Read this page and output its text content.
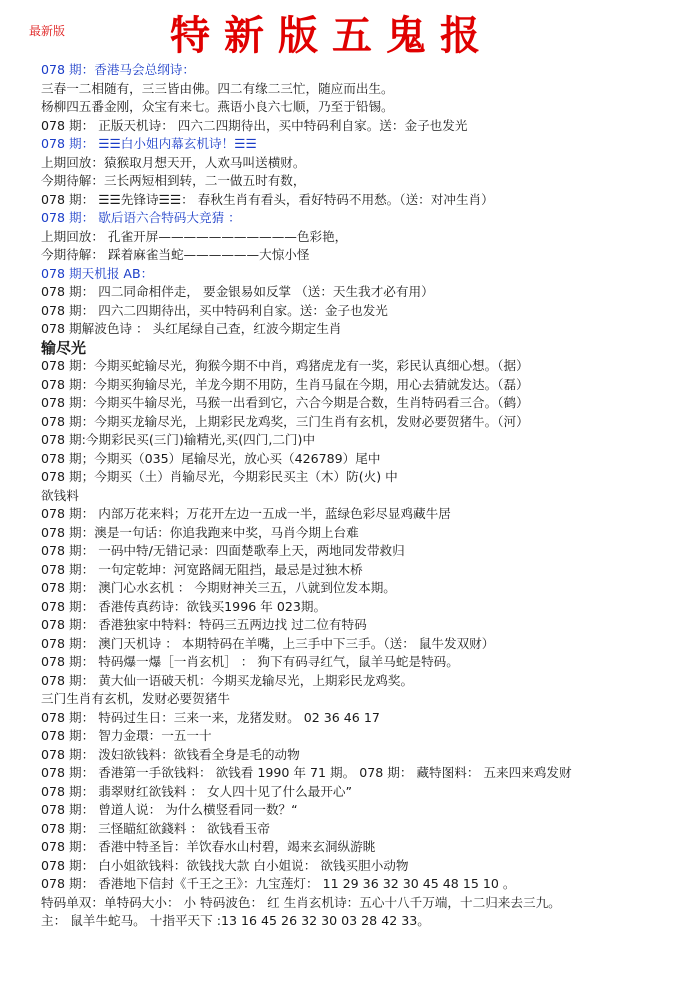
最新版	特新版五鬼报
078 期：香港马会总纲诗：
三春一二相随有，三三皆由佛。四二有缘二三忙，随应而出生。
杨柳四五番金刚，众宝有来七。燕语小良六七顺，乃至于铅锡。
078 期： 正版天机诗： 四六二四期待出，买中特码利自家。送：金子也发光
078 期： ☰☰白小姐内幕玄机诗！☰☰
上期回放：猿猴取月想天开，人欢马叫送横财。
今期待解：三长两短相到转，二一做五时有数，
078 期： ☰☰先锋诗☰☰： 春秋生肖有看头，看好特码不用愁。（送：对冲生肖）
078 期： 歇后语六合特码大竞猜 ：
上期回放： 孔雀开屏———————————色彩艳，
今期待解： 踩着麻雀当蛇——————大惊小怪
078 期天机报 AB：
078 期： 四二同命相伴走， 要金银易如反掌 （送：天生我才必有用）
078 期： 四六二四期待出，买中特码利自家。送：金子也发光
078 期解波色诗 ： 头红尾绿自己查，红波今期定生肖
输尽光
078 期：今期买蛇输尽光，狗猴今期不中肖，鸡猪虎龙有一奖，彩民认真细心想。（据）
078 期：今期买狗输尽光，羊龙今期不用防，生肖马鼠在今期，用心去猜就发达。（磊）
078 期：今期买牛输尽光，马猴一出看到它，六合今期是合数，生肖特码看三合。（鹤）
078 期：今期买龙输尽光，上期彩民龙鸡奖，三门生肖有玄机，发财必要贺猪牛。（河）
078 期:今期彩民买(三门)输精光,买(四门,二门)中
078 期；今期买（035）尾输尽光，放心买（426789）尾中
078 期；今期买（土）肖输尽光，今期彩民买主（木）防(火) 中
欲钱料
078 期： 内部万花来料；万花开左边一五成一半，蓝绿色彩尽显鸡藏牛居
078 期：澳是一句话：你追我跑来中奖，马肖今期上台难
078 期： 一码中特/无错记录：四面楚歌奉上天，两地同发带救归
078 期： 一句定乾坤：河宽路阔无阻挡，最忌是过独木桥
078 期： 澳门心水玄机 ： 今期财神关三五，八就到位发本期。
078 期： 香港传真药诗：欲钱买1996 年 023期。
078 期： 香港独家中特料：特码三五两边找 过二位有特码
078 期： 澳门天机诗 ： 本期特码在羊嘴，上三手中下三手。（送： 鼠牛发双财）
078 期： 特码爆一爆［一肖玄机］ ： 狗下有码寻红气，鼠羊马蛇是特码。
078 期： 黄大仙一语破天机：今期买龙输尽光，上期彩民龙鸡奖。
三门生肖有玄机，发财必要贺猪牛
078 期： 特码过生日：三来一来，龙猪发财。 02 36 46 17
078 期： 智力金環：一五一十
078 期： 泼妇欲钱料：欲钱看全身是毛的动物
078 期： 香港第一手欲钱料： 欲钱看 1990 年 71 期。 078 期： 藏特图料： 五来四来鸡发财
078 期： 翡翠财红欲钱料 ： 女人四十见了什么最开心”
078 期： 曾道人说： 为什么横竖看同一数？“
078 期： 三怪瞄紅欲錢料 ： 欲钱看玉帝
078 期： 香港中特圣旨：羊饮春水山村碧，竭来玄洞纵游眺
078 期： 白小姐欲钱料：欲钱找大款 白小姐说： 欲钱买胆小动物
078 期： 香港地下信封《千王之王》：九宝莲灯： 11 29 36 32 30 45 48 15 10 。
特码单双：单特码大小： 小 特码波色： 红 生肖玄机诗：五心十八千万端，十二归来去三九。
主： 鼠羊牛蛇马。 十指平天下 :13 16 45 26 32 30 03 28 42 33。
